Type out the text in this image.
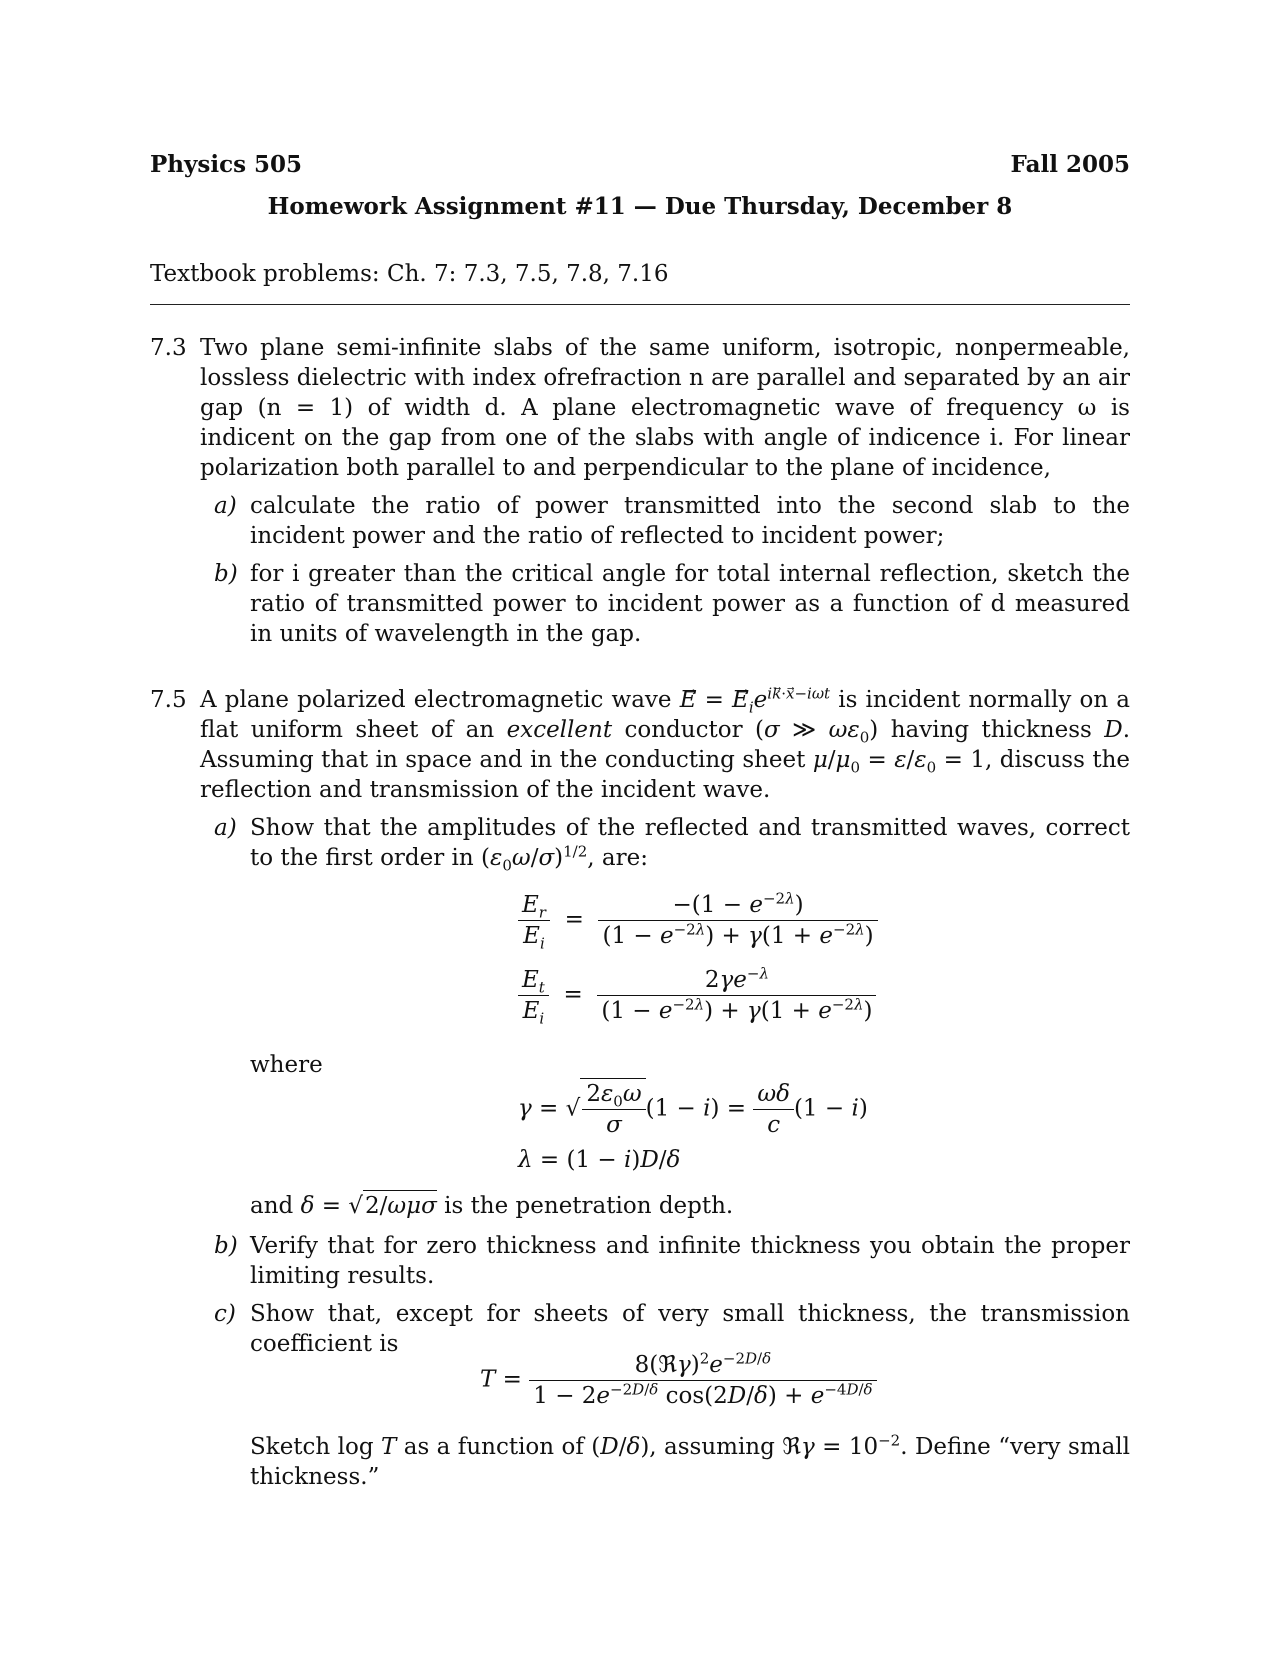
Physics 505	Fall 2005
Homework Assignment #11 — Due Thursday, December 8
Textbook problems: Ch. 7: 7.3, 7.5, 7.8, 7.16
7.3 Two plane semi-infinite slabs of the same uniform, isotropic, nonpermeable, lossless dielectric with index ofrefraction n are parallel and separated by an air gap (n = 1) of width d. A plane electromagnetic wave of frequency ω is indicent on the gap from one of the slabs with angle of indicence i. For linear polarization both parallel to and perpendicular to the plane of incidence,
a) calculate the ratio of power transmitted into the second slab to the incident power and the ratio of reflected to incident power;
b) for i greater than the critical angle for total internal reflection, sketch the ratio of transmitted power to incident power as a function of d measured in units of wavelength in the gap.
7.5 A plane polarized electromagnetic wave E⃗ = $E_ie^{ik⃗\cdot x⃗-i\omega t}$ is incident normally on a flat uniform sheet of an excellent conductor (σ ≫ $\omega\varepsilon_0$) having thickness D. Assuming that in space and in the conducting sheet $\mu/\mu_0 = \varepsilon/\varepsilon_0 = 1$, discuss the reflection and transmission of the incident wave.
a) Show that the amplitudes of the reflected and transmitted waves, correct to the first order in $(\varepsilon_0\omega/\sigma)^{1/2}$, are:
$\frac{E_r}{E_i} = \frac{-(1 - e^{-2\lambda})}{(1 - e^{-2\lambda}) + \gamma(1 + e^{-2\lambda})}$
$\frac{E_t}{E_i} = \frac{2\gamma e^{-\lambda}}{(1 - e^{-2\lambda}) + \gamma(1 + e^{-2\lambda})}$
where
γ = √ $\frac{2\varepsilon_0\omega}{\sigma} (1 - i) = \frac{\omega\delta}{c} (1 - i)$
λ = (1 − i)D/δ
and δ = √2/ωμσ is the penetration depth.
b) Verify that for zero thickness and infinite thickness you obtain the proper limiting results.
c) Show that, except for sheets of very small thickness, the transmission coefficient is
$T = \frac{8(ℜ\gamma)^2e^{-2D/\delta}}{1 - 2e^{-2D/\delta} \cos(2D/\delta) + e^{-4D/\delta}}$
Sketch log T as a function of (D/δ), assuming ℜγ = $10^{-2}$. Define “very small thickness.”
